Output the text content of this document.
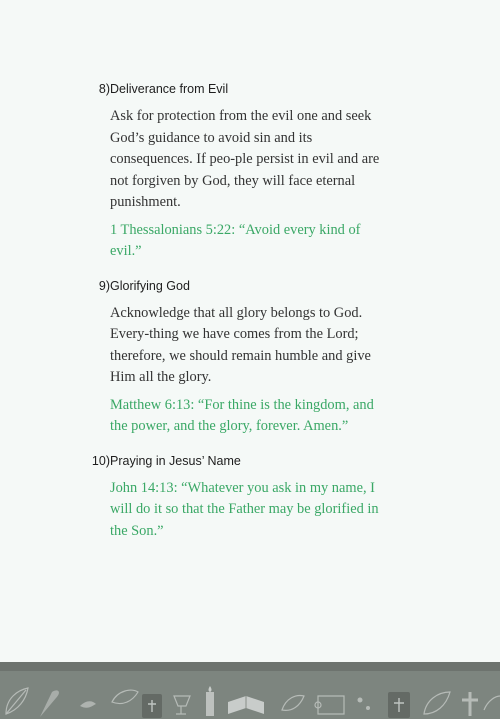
8) Deliverance from Evil

Ask for protection from the evil one and seek God’s guidance to avoid sin and its consequences. If peo-ple persist in evil and are not forgiven by God, they will face eternal punishment.

1 Thessalonians 5:22: “Avoid every kind of evil.”

9) Glorifying God

Acknowledge that all glory belongs to God. Every-thing we have comes from the Lord; therefore, we should remain humble and give Him all the glory.

Matthew 6:13: “For thine is the kingdom, and the power, and the glory, forever. Amen.”

10) Praying in Jesus’ Name

John 14:13: “Whatever you ask in my name, I will do it so that the Father may be glorified in the Son.”
